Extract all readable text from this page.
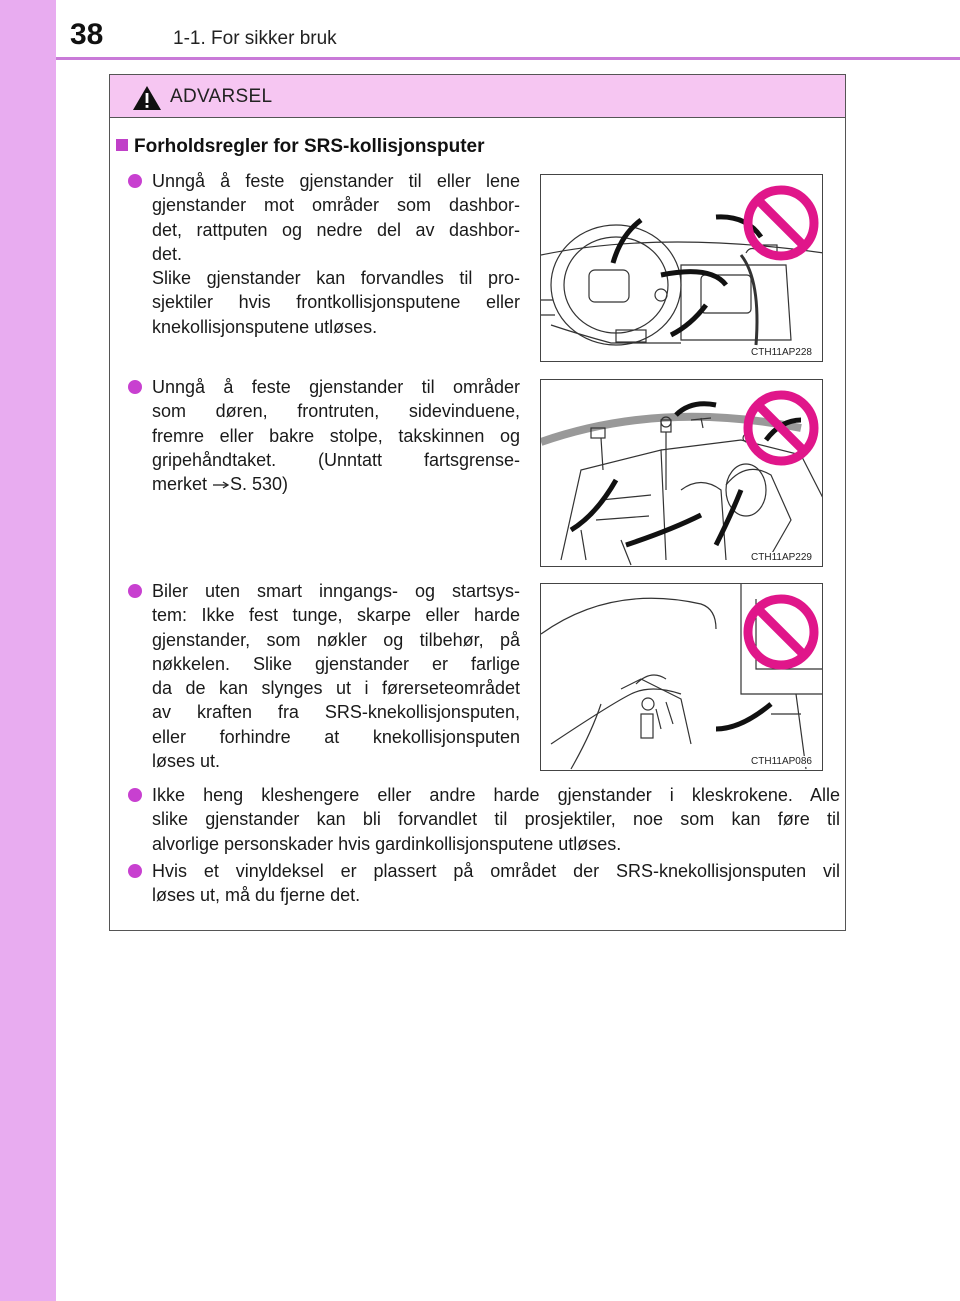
38	1-1. For sikker bruk
ADVARSEL
Forholdsregler for SRS-kollisjonsputer
Unngå å feste gjenstander til eller lene
gjenstander mot områder som dashbor-
det, rattputen og nedre del av dashbor-
det.
Slike gjenstander kan forvandles til pro-
sjektiler hvis frontkollisjonsputene eller
knekollisjonsputene utløses.
CTH11AP228
Unngå å feste gjenstander til områder
som døren, frontruten, sidevinduene,
fremre eller bakre stolpe, takskinnen og
gripehåndtaket. (Unntatt fartsgrense-
merket S. 530)
CTH11AP229
Biler uten smart inngangs- og startsys-
tem: Ikke fest tunge, skarpe eller harde
gjenstander, som nøkler og tilbehør, på
nøkkelen. Slike gjenstander er farlige
da de kan slynges ut i førerseteområdet
av kraften fra SRS-knekollisjonsputen,
eller forhindre at knekollisjonsputen
løses ut.	CTH11AP086
Ikke heng kleshengere eller andre harde gjenstander i kleskrokene. Alle
slike gjenstander kan bli forvandlet til prosjektiler, noe som kan føre til
alvorlige personskader hvis gardinkollisjonsputene utløses.
Hvis et vinyldeksel er plassert på området der SRS-knekollisjonsputen vil
løses ut, må du fjerne det.
